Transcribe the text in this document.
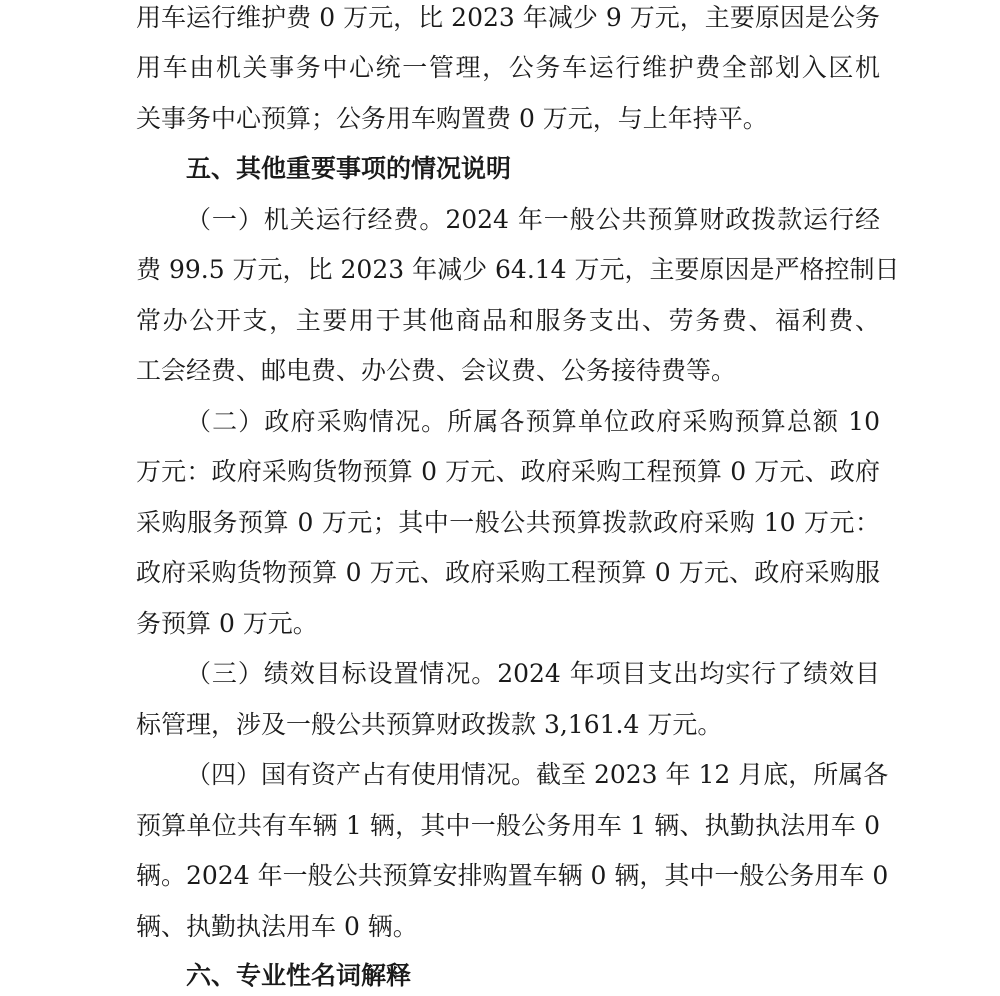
用车运行维护费 0 万元，比 2023 年减少 9 万元，主要原因是公务
用车由机关事务中心统一管理，公务车运行维护费全部划入区机
关事务中心预算；公务用车购置费 0 万元，与上年持平。
五、其他重要事项的情况说明
（一）机关运行经费。2024 年一般公共预算财政拨款运行经
费 99.5 万元，比 2023 年减少 64.14 万元，主要原因是严格控制日
常办公开支，主要用于其他商品和服务支出、劳务费、福利费、
工会经费、邮电费、办公费、会议费、公务接待费等。
（二）政府采购情况。所属各预算单位政府采购预算总额 10
万元：政府采购货物预算 0 万元、政府采购工程预算 0 万元、政府
采购服务预算 0 万元；其中一般公共预算拨款政府采购 10 万元：
政府采购货物预算 0 万元、政府采购工程预算 0 万元、政府采购服
务预算 0 万元。
（三）绩效目标设置情况。2024 年项目支出均实行了绩效目
标管理，涉及一般公共预算财政拨款 3,161.4 万元。
（四）国有资产占有使用情况。截至 2023 年 12 月底，所属各
预算单位共有车辆 1 辆，其中一般公务用车 1 辆、执勤执法用车 0
辆。2024 年一般公共预算安排购置车辆 0 辆，其中一般公务用车 0
辆、执勤执法用车 0 辆。
六、专业性名词解释
